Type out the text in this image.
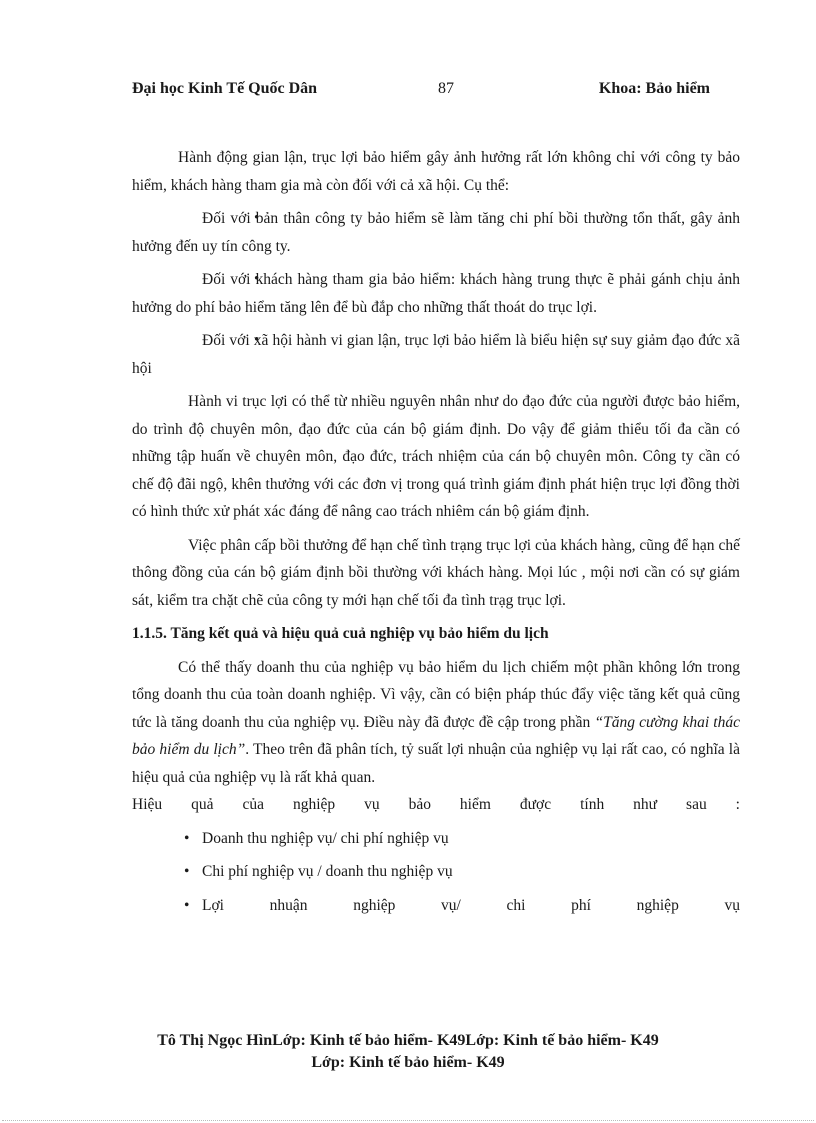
Đại học Kinh Tế Quốc Dân	87	Khoa: Bảo hiểm

Hành động gian lận, trục lợi bảo hiểm gây ảnh hưởng rất lớn không chỉ với công ty bảo hiểm, khách hàng tham gia mà còn đối với cả xã hội. Cụ thể:

• Đối với bản thân công ty bảo hiểm sẽ làm tăng chi phí bồi thường tổn thất, gây ảnh hưởng đến uy tín công ty.

• Đối với khách hàng tham gia bảo hiểm: khách hàng trung thực ẽ phải gánh chịu ảnh hưởng do phí bảo hiểm tăng lên để bù đắp cho những thất thoát do trục lợi.

• Đối với xã hội hành vi gian lận, trục lợi bảo hiểm là biểu hiện sự suy giảm đạo đức xã hội

Hành vi trục lợi có thể từ nhiều nguyên nhân như do đạo đức của người được bảo hiểm, do trình độ chuyên môn, đạo đức của cán bộ giám định. Do vậy để giảm thiểu tối đa cần có những tập huấn về chuyên môn, đạo đức, trách nhiệm của cán bộ chuyên môn. Công ty cần có chế độ đãi ngộ, khên thưởng với các đơn vị trong quá trình giám định phát hiện trục lợi đồng thời có hình thức xử phát xác đáng để nâng cao trách nhiêm cán bộ giám định.

Việc phân cấp bồi thưởng để hạn chế tình trạng trục lợi của khách hàng, cũng để hạn chế thông đồng của cán bộ giám định bồi thường với khách hàng. Mọi lúc , mội nơi cần có sự giám sát, kiểm tra chặt chẽ của công ty mới hạn chế tối đa tình trạg trục lợi.

1.1.5. Tăng kết quả và hiệu quả cuả nghiệp vụ bảo hiểm du lịch

Có thể thấy doanh thu của nghiệp vụ bảo hiểm du lịch chiếm một phần không lớn trong tổng doanh thu của toàn doanh nghiệp. Vì vậy, cần có biện pháp thúc đẩy việc tăng kết quả cũng tức là tăng doanh thu của nghiệp vụ. Điều này đã được đề cập trong phần “Tăng cường khai thác bảo hiểm du lịch”. Theo trên đã phân tích, tỷ suất lợi nhuận của nghiệp vụ lại rất cao, có nghĩa là hiệu quả của nghiệp vụ là rất khả quan.

Hiệu quả của nghiệp vụ bảo hiểm được tính như sau :

• Doanh thu nghiệp vụ/ chi phí nghiệp vụ

• Chi phí nghiệp vụ / doanh thu nghiệp vụ

• Lợi nhuận nghiệp vụ/ chi phí nghiệp vụ

Tô Thị Ngọc HìnLớp: Kinh tế bảo hiểm- K49Lớp: Kinh tế bảo hiểm- K49
Lớp: Kinh tế bảo hiểm- K49
